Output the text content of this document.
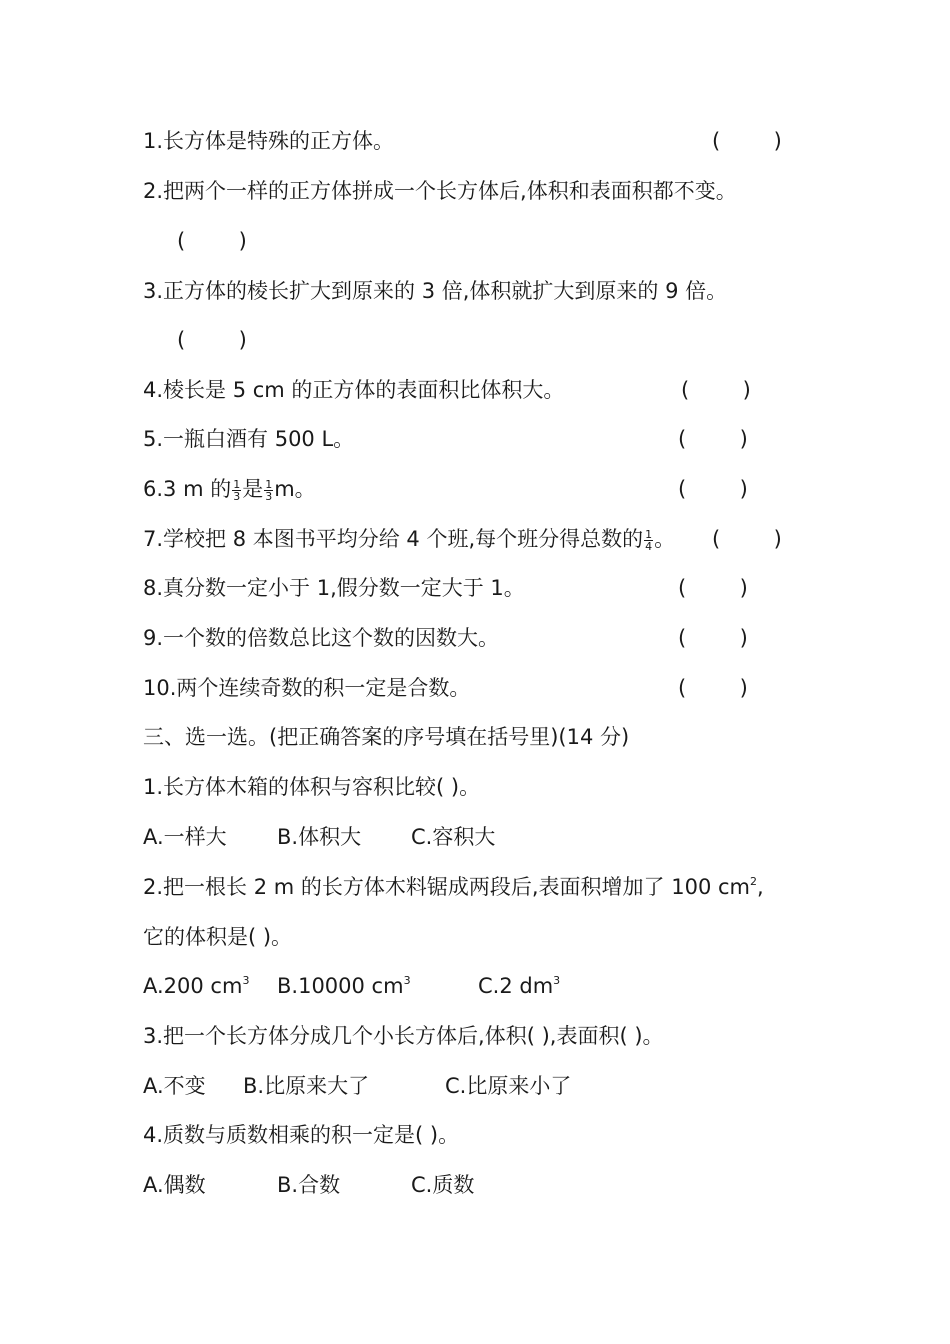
1.长方体是特殊的正方体。	(        )
2.把两个一样的正方体拼成一个长方体后,体积和表面积都不变。
(        )
3.正方体的棱长扩大到原来的 3 倍,体积就扩大到原来的 9 倍。
(        )
4.棱长是 5 cm 的正方体的表面积比体积大。	(        )
5.一瓶白酒有 500 L。	(        )
6.3 m 的 $\frac{1}{3}$ 是 $\frac{1}{3}$ m。	(        )
7.学校把 8 本图书平均分给 4 个班,每个班分得总数的 $\frac{1}{4}$ 。 (        )
8.真分数一定小于 1,假分数一定大于 1。	(        )
9.一个数的倍数总比这个数的因数大。	(        )
10.两个连续奇数的积一定是合数。	(        )
三、选一选。(把正确答案的序号填在括号里)(14 分)
1.长方体木箱的体积与容积比较( )。
A.一样大 B.体积大 C.容积大
2.把一根长 2 m 的长方体木料锯成两段后,表面积增加了 100 $cm^2$,
它的体积是( )。
A.200 $cm^3$ B.10000 $cm^3$	C.2 $dm^3$
3.把一个长方体分成几个小长方体后,体积( ),表面积( )。
A.不变 B.比原来大了	C.比原来小了
4.质数与质数相乘的积一定是( )。
A.偶数	B.合数	C.质数
